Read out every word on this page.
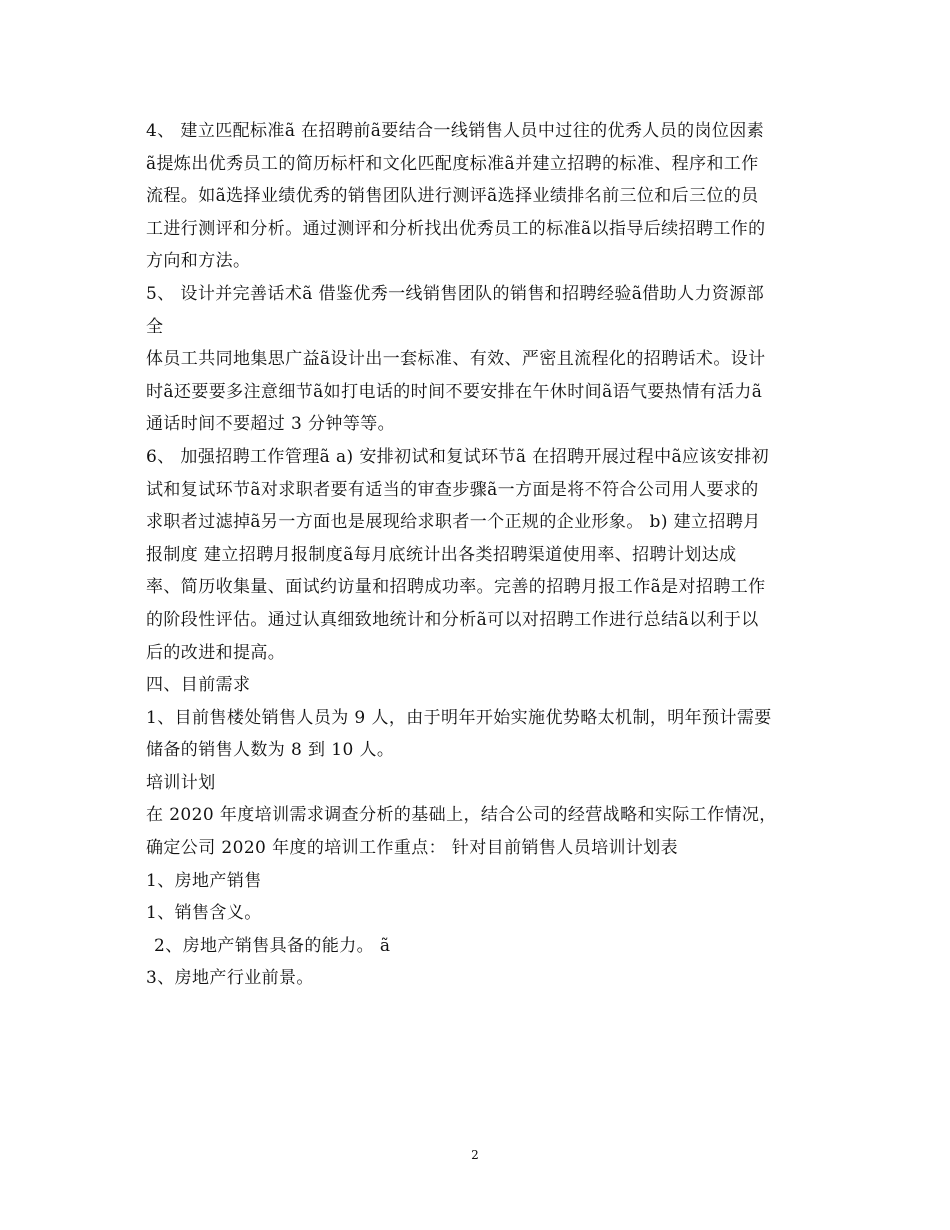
4、 建立匹配标准ã 在招聘前ã要结合一线销售人员中过往的优秀人员的岗位因素
ã提炼出优秀员工的简历标杆和文化匹配度标准ã并建立招聘的标准、程序和工作
流程。如ã选择业绩优秀的销售团队进行测评ã选择业绩排名前三位和后三位的员
工进行测评和分析。通过测评和分析找出优秀员工的标准ã以指导后续招聘工作的
方向和方法。
5、 设计并完善话术ã 借鉴优秀一线销售团队的销售和招聘经验ã借助人力资源部
全
体员工共同地集思广益ã设计出一套标准、有效、严密且流程化的招聘话术。设计
时ã还要要多注意细节ã如打电话的时间不要安排在午休时间ã语气要热情有活力ã
通话时间不要超过 3 分钟等等。
6、 加强招聘工作管理ã a) 安排初试和复试环节ã 在招聘开展过程中ã应该安排初
试和复试环节ã对求职者要有适当的审查步骤ã一方面是将不符合公司用人要求的
求职者过滤掉ã另一方面也是展现给求职者一个正规的企业形象。 b) 建立招聘月
报制度 建立招聘月报制度ã每月底统计出各类招聘渠道使用率、招聘计划达成
率、简历收集量、面试约访量和招聘成功率。完善的招聘月报工作ã是对招聘工作
的阶段性评估。通过认真细致地统计和分析ã可以对招聘工作进行总结ã以利于以
后的改进和提高。
四、目前需求
1、目前售楼处销售人员为 9 人，由于明年开始实施优势略太机制，明年预计需要
储备的销售人数为 8 到 10 人。
培训计划
在 2020 年度培训需求调查分析的基础上，结合公司的经营战略和实际工作情况，
确定公司 2020 年度的培训工作重点： 针对目前销售人员培训计划表
1、房地产销售
1、销售含义。
2、房地产销售具备的能力。 ã
3、房地产行业前景。
2
